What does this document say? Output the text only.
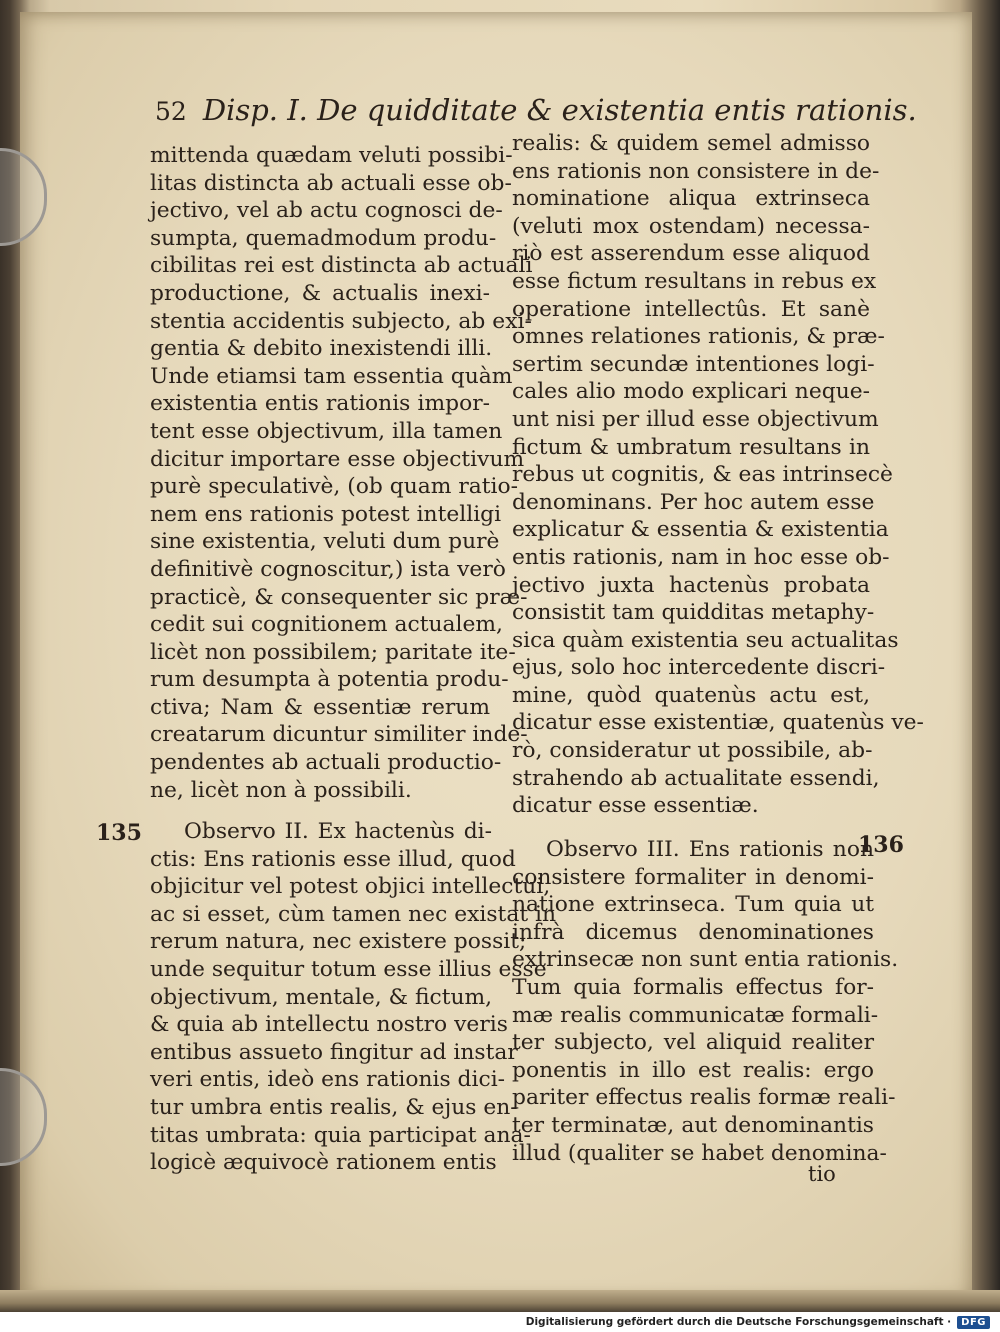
52 Disp. I. De quidditate & existentia entis rationis.
mittenda quædam veluti possibi-
litas distincta ab actuali esse ob-
jectivo, vel ab actu cognosci de-
sumpta, quemadmodum produ-
cibilitas rei est distincta ab actuali
productione, & actualis inexi-
stentia accidentis subjecto, ab exi-
gentia & debito inexistendi illi.
Unde etiamsi tam essentia quàm
existentia entis rationis impor-
tent esse objectivum, illa tamen
dicitur importare esse objectivum
purè speculativè, (ob quam ratio-
nem ens rationis potest intelligi
sine existentia, veluti dum purè
definitivè cognoscitur,) ista verò
practicè, & consequenter sic præ-
cedit sui cognitionem actualem,
licèt non possibilem; paritate ite-
rum desumpta à potentia produ-
ctiva; Nam & essentiæ rerum
creatarum dicuntur similiter inde-
pendentes ab actuali productio-
ne, licèt non à possibili.
realis: & quidem semel admisso
ens rationis non consistere in de-
nominatione aliqua extrinseca
(veluti mox ostendam) necessa-
riò est asserendum esse aliquod
esse fictum resultans in rebus ex
operatione intellectûs. Et sanè
omnes relationes rationis, & præ-
sertim secundæ intentiones logi-
cales alio modo explicari neque-
unt nisi per illud esse objectivum
fictum & umbratum resultans in
rebus ut cognitis, & eas intrinsecè
denominans. Per hoc autem esse
explicatur & essentia & existentia
entis rationis, nam in hoc esse ob-
jectivo juxta hactenùs probata
consistit tam quidditas metaphy-
sica quàm existentia seu actualitas
ejus, solo hoc intercedente discri-
mine, quòd quatenùs actu est,
dicatur esse existentiæ, quatenùs ve-
rò, consideratur ut possibile, ab-
strahendo ab actualitate essendi,
dicatur esse essentiæ.
135	Observo II. Ex hactenùs di-
ctis: Ens rationis esse illud, quod
objicitur vel potest objici intellectui,
ac si esset, cùm tamen nec existat in
rerum natura, nec existere possit;
unde sequitur totum esse illius esse
objectivum, mentale, & fictum,
& quia ab intellectu nostro veris
entibus assueto fingitur ad instar
veri entis, ideò ens rationis dici-
tur umbra entis realis, & ejus en-
titas umbrata: quia participat ana-
logicè æquivocè rationem entis
136
Observo III. Ens rationis non
consistere formaliter in denomi-
natione extrinseca. Tum quia ut
infrà dicemus denominationes
extrinsecæ non sunt entia rationis.
Tum quia formalis effectus for-
mæ realis communicatæ formali-
ter subjecto, vel aliquid realiter
ponentis in illo est realis: ergo
pariter effectus realis formæ reali-
ter terminatæ, aut denominantis
illud (qualiter se habet denomina-
tio
Digitalisierung gefördert durch die Deutsche Forschungsgemeinschaft ·	DFG
